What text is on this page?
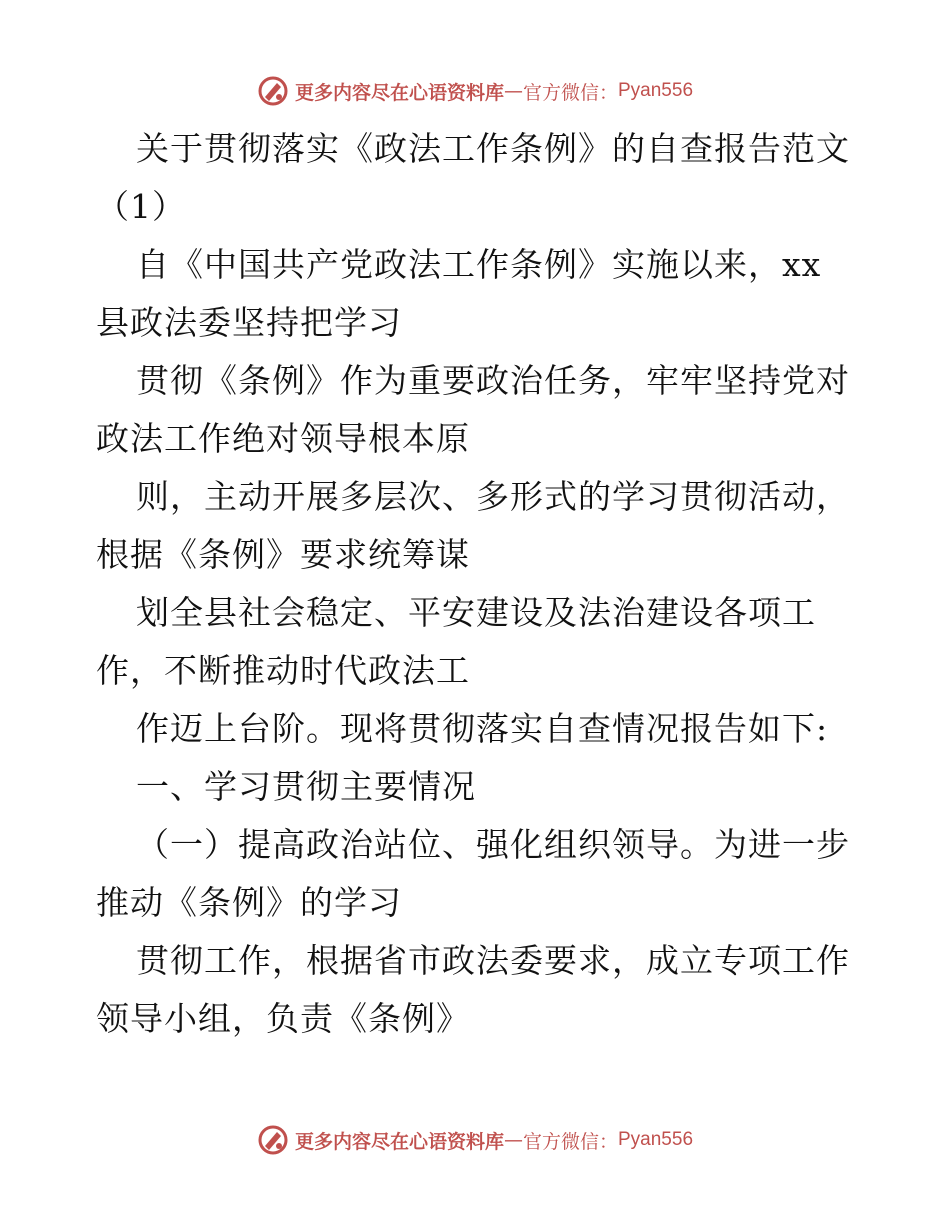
更多内容尽在心语资料库 — 官方微信： Pyan556
关于贯彻落实《政法工作条例》的自查报告范文
（1）
自《中国共产党政法工作条例》实施以来，xx
县政法委坚持把学习
贯彻《条例》作为重要政治任务，牢牢坚持党对
政法工作绝对领导根本原
则，主动开展多层次、多形式的学习贯彻活动，
根据《条例》要求统筹谋
划全县社会稳定、平安建设及法治建设各项工
作，不断推动时代政法工
作迈上台阶。现将贯彻落实自查情况报告如下:
一、学习贯彻主要情况
（一）提高政治站位、强化组织领导。为进一步
推动《条例》的学习
贯彻工作，根据省市政法委要求，成立专项工作
领导小组，负责《条例》
更多内容尽在心语资料库 — 官方微信： Pyan556
